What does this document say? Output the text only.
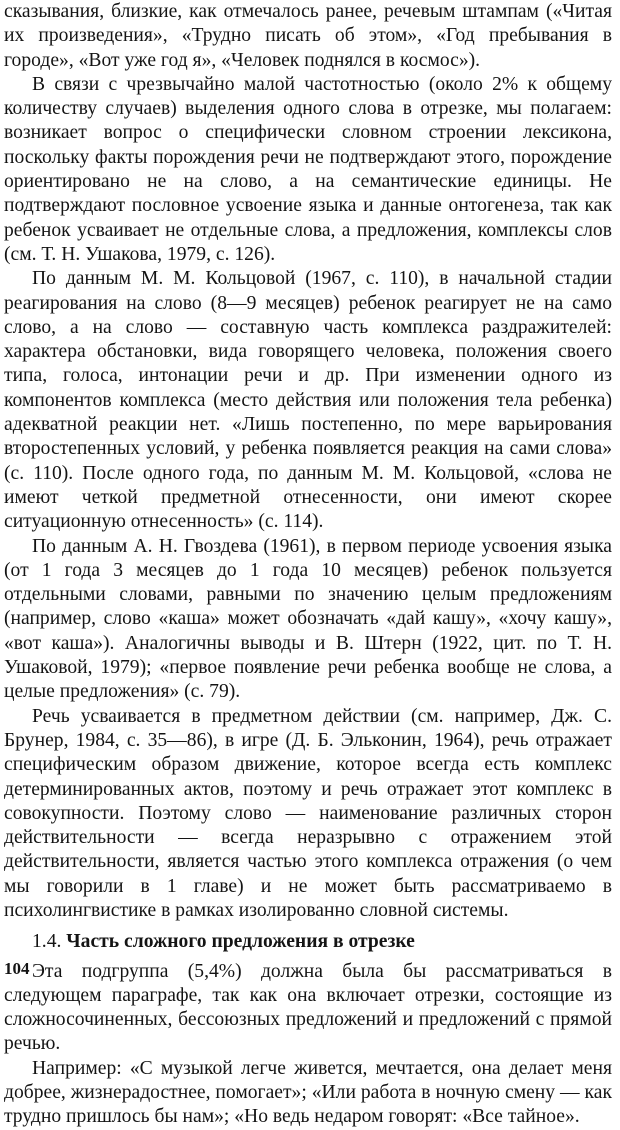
сказывания, близкие, как отмечалось ранее, речевым штампам («Читая их произведения», «Трудно писать об этом», «Год пребывания в городе», «Вот уже год я», «Человек поднялся в космос»).

В связи с чрезвычайно малой частотностью (около 2% к общему количеству случаев) выделения одного слова в отрезке, мы полагаем: возникает вопрос о специфически словном строении лексикона, поскольку факты порождения речи не подтверждают этого, порождение ориентировано не на слово, а на семантические единицы. Не подтверждают пословное усвоение языка и данные онтогенеза, так как ребенок усваивает не отдельные слова, а предложения, комплексы слов (см. Т. Н. Ушакова, 1979, с. 126).

По данным М. М. Кольцовой (1967, с. 110), в начальной стадии реагирования на слово (8—9 месяцев) ребенок реагирует не на само слово, а на слово — составную часть комплекса раздражителей: характера обстановки, вида говорящего человека, положения своего типа, голоса, интонации речи и др. При изменении одного из компонентов комплекса (место действия или положения тела ребенка) адекватной реакции нет. «Лишь постепенно, по мере варьирования второстепенных условий, у ребенка появляется реакция на сами слова» (с. 110). После одного года, по данным М. М. Кольцовой, «слова не имеют четкой предметной отнесенности, они имеют скорее ситуационную отнесенность» (с. 114).

По данным А. Н. Гвоздева (1961), в первом периоде усвоения языка (от 1 года 3 месяцев до 1 года 10 месяцев) ребенок пользуется отдельными словами, равными по значению целым предложениям (например, слово «каша» может обозначать «дай кашу», «хочу кашу», «вот каша»). Аналогичны выводы и В. Штерн (1922, цит. по Т. Н. Ушаковой, 1979); «первое появление речи ребенка вообще не слова, а целые предложения» (с. 79).

Речь усваивается в предметном действии (см. например, Дж. С. Брунер, 1984, с. 35—86), в игре (Д. Б. Эльконин, 1964), речь отражает специфическим образом движение, которое всегда есть комплекс детерминированных актов, поэтому и речь отражает этот комплекс в совокупности. Поэтому слово — наименование различных сторон действительности — всегда неразрывно с отражением этой действительности, является частью этого комплекса отражения (о чем мы говорили в 1 главе) и не может быть рассматриваемо в психолингвистике в рамках изолированно словной системы.

1.4. Часть сложного предложения в отрезке

Эта подгруппа (5,4%) должна была бы рассматриваться в следующем параграфе, так как она включает отрезки, состоящие из сложносочиненных, бессоюзных предложений и предложений с прямой речью.

Например: «С музыкой легче живется, мечтается, она делает меня добрее, жизнерадостнее, помогает»; «Или работа в ночную смену — как трудно пришлось бы нам»; «Но ведь недаром говорят: «Все тайное».

104
